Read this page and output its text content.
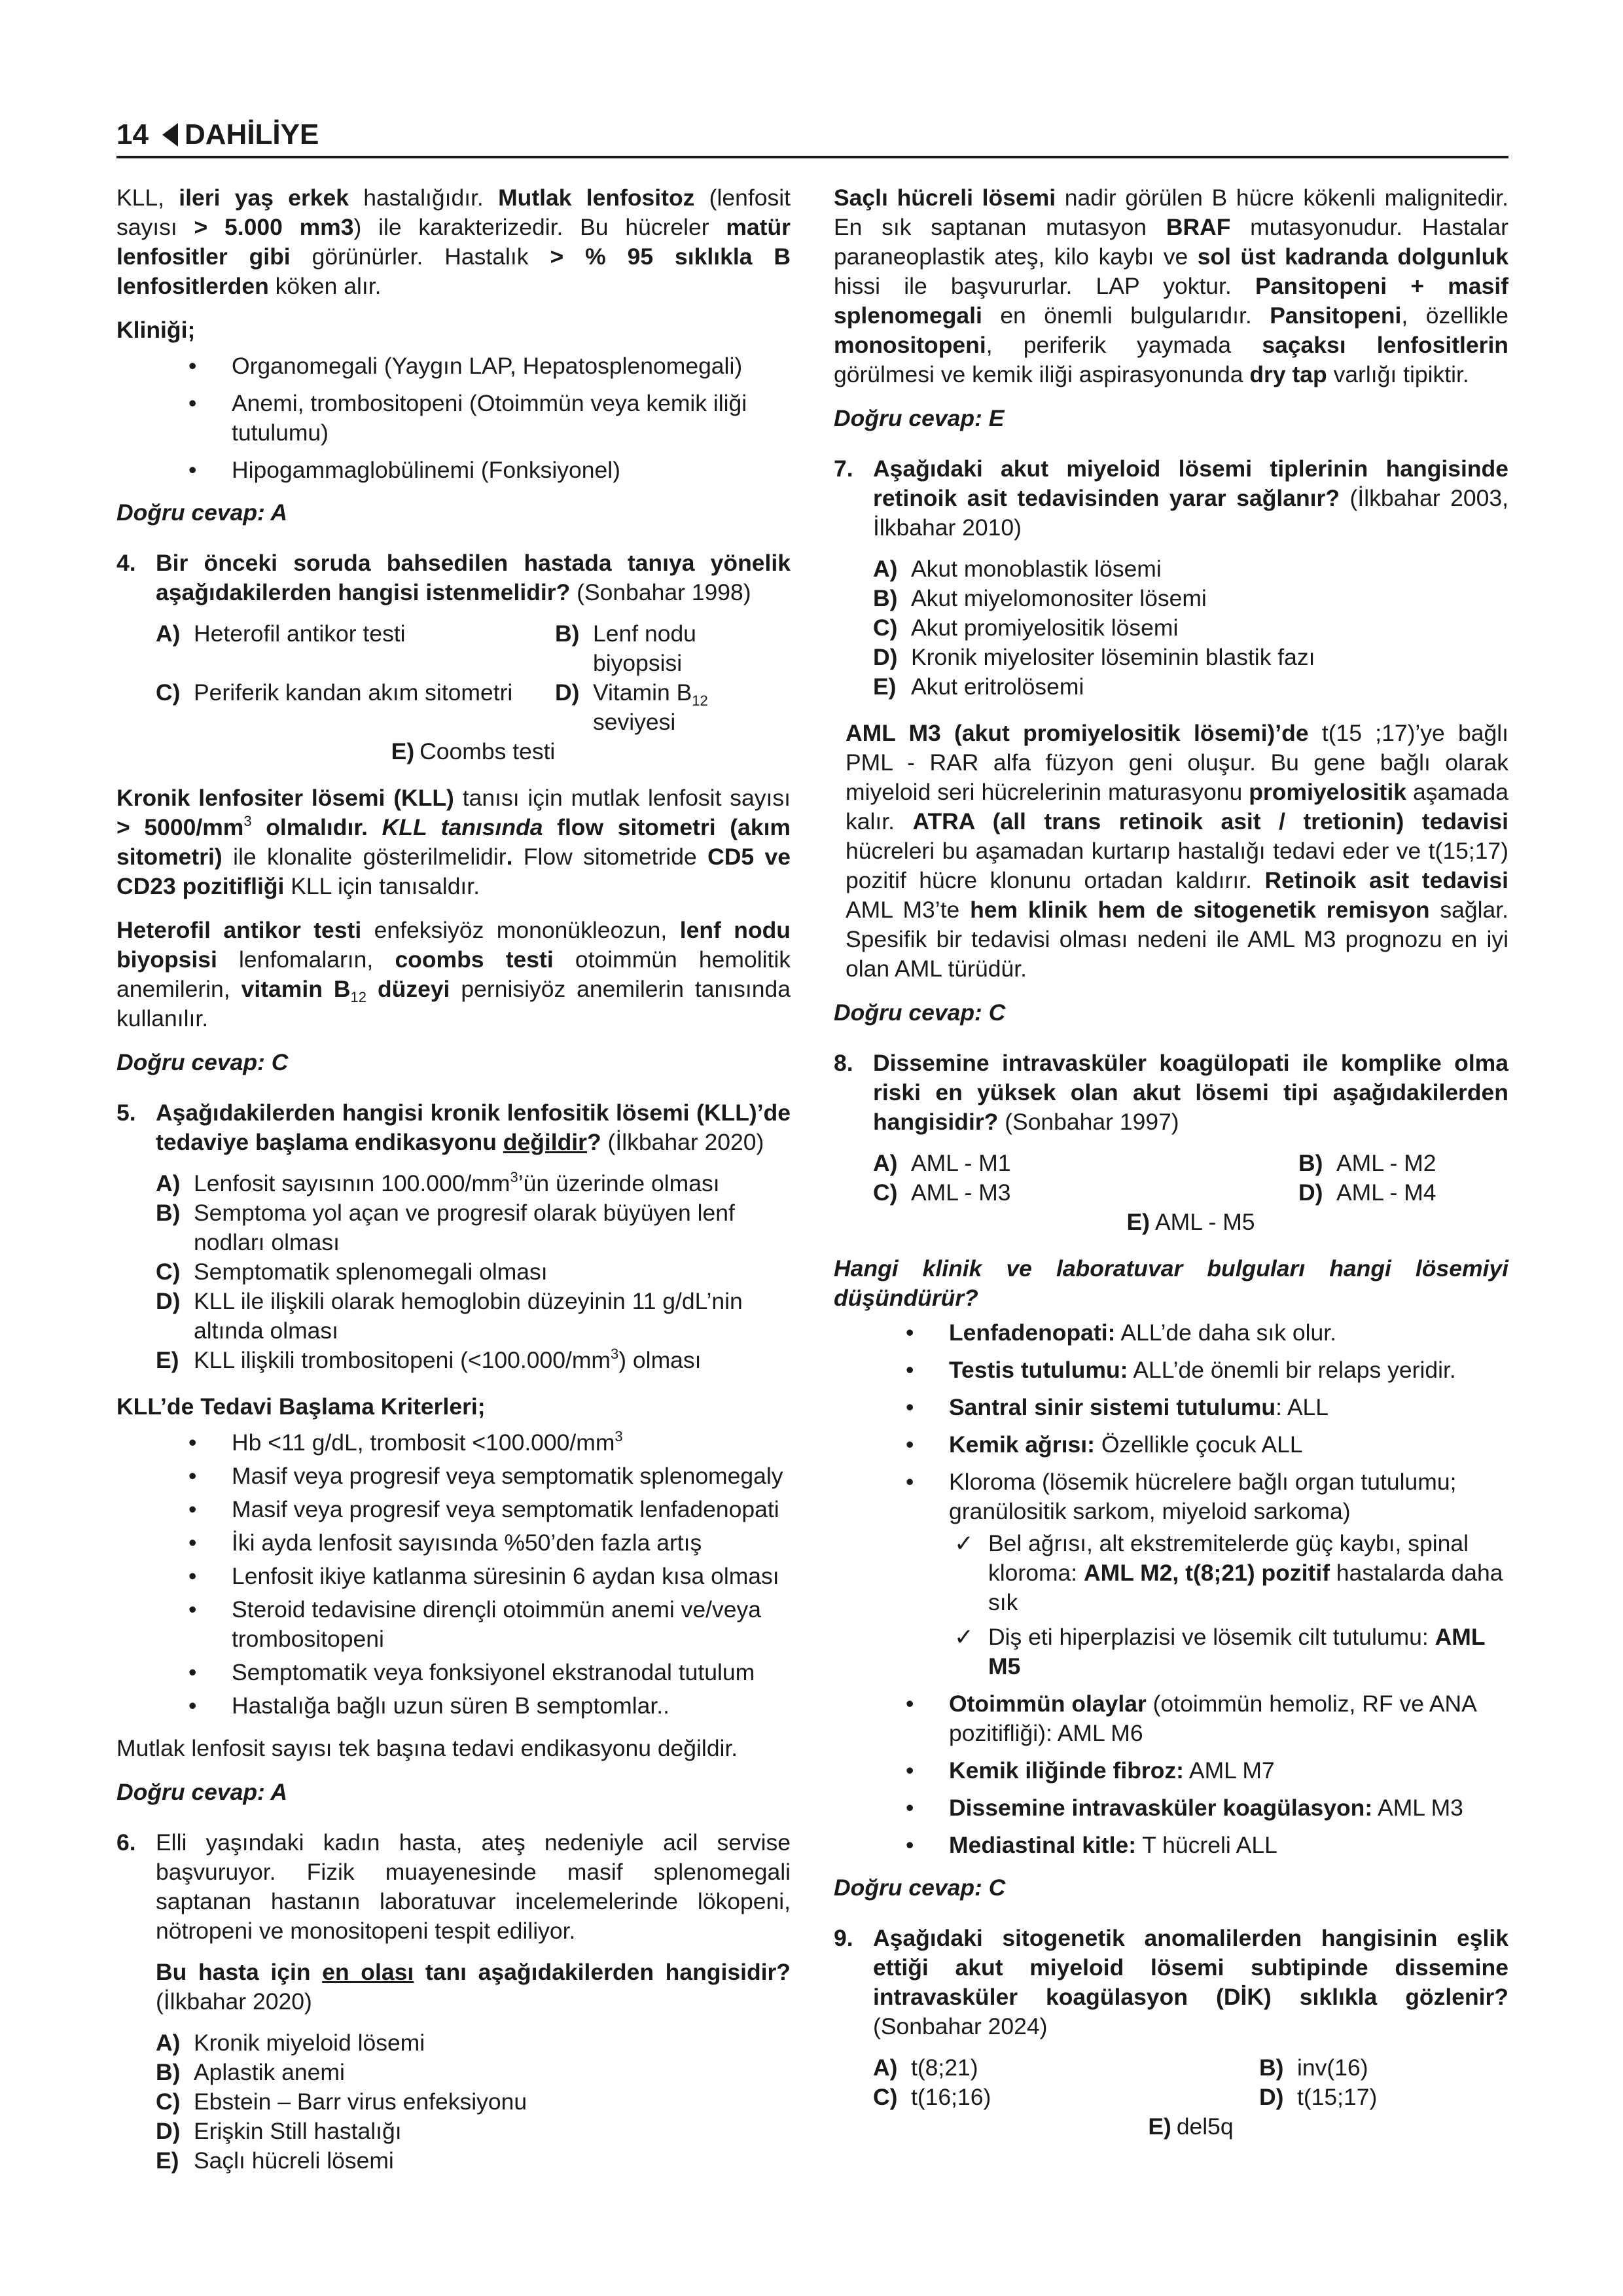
14 DAHİLİYE

KLL, ileri yaş erkek hastalığıdır. Mutlak lenfositoz (lenfosit sayısı > 5.000 mm3) ile karakterizedir. Bu hücreler matür lenfositler gibi görünürler. Hastalık > % 95 sıklıkla B lenfositlerden köken alır.

Kliniği;
• Organomegali (Yaygın LAP, Hepatosplenomegali)
• Anemi, trombositopeni (Otoimmün veya kemik iliği tutulumu)
• Hipogammaglobülinemi (Fonksiyonel)
Doğru cevap: A
4. Bir önceki soruda bahsedilen hastada tanıya yönelik aşağıdakilerden hangisi istenmelidir? (Sonbahar 1998)
A) Heterofil antikor testi	B) Lenf nodu biyopsisi
C) Periferik kandan akım sitometri	D) Vitamin $B_{12}$ seviyesi
E) Coombs testi

Kronik lenfositer lösemi (KLL) tanısı için mutlak lenfosit sayısı > $5000/mm^3$ olmalıdır. KLL tanısında flow sitometri (akım sitometri) ile klonalite gösterilmelidir. Flow sitometride CD5 ve CD23 pozitifliği KLL için tanısaldır.

Heterofil antikor testi enfeksiyöz mononükleozun, lenf nodu biyopsisi lenfomaların, coombs testi otoimmün hemolitik anemilerin, vitamin $B_{12}$ düzeyi pernisiyöz anemilerin tanısında kullanılır.

Doğru cevap: C
5. Aşağıdakilerden hangisi kronik lenfositik lösemi (KLL)’de tedaviye başlama endikasyonu değildir? (İlkbahar 2020)
A) Lenfosit sayısının $100.000/mm^3’ün$ üzerinde olması
B) Semptoma yol açan ve progresif olarak büyüyen lenf nodları olması
C) Semptomatik splenomegali olması
D) KLL ile ilişkili olarak hemoglobin düzeyinin 11 g/dL’nin altında olması
E) KLL ilişkili trombositopeni $(<100.000/mm^3)$ olması
KLL’de Tedavi Başlama Kriterleri;
• Hb <11 g/dL, trombosit $<100.000/mm^3$
• Masif veya progresif veya semptomatik splenomegaly
• Masif veya progresif veya semptomatik lenfadenopati
• İki ayda lenfosit sayısında %50’den fazla artış
• Lenfosit ikiye katlanma süresinin 6 aydan kısa olması
• Steroid tedavisine dirençli otoimmün anemi ve/veya trombositopeni
• Semptomatik veya fonksiyonel ekstranodal tutulum
• Hastalığa bağlı uzun süren B semptomlar..

Mutlak lenfosit sayısı tek başına tedavi endikasyonu değildir.

Doğru cevap: A
6. Elli yaşındaki kadın hasta, ateş nedeniyle acil servise başvuruyor. Fizik muayenesinde masif splenomegali saptanan hastanın laboratuvar incelemelerinde lökopeni, nötropeni ve monositopeni tespit ediliyor.
Bu hasta için en olası tanı aşağıdakilerden hangisidir? (İlkbahar 2020)
A) Kronik miyeloid lösemi
B) Aplastik anemi
C) Ebstein – Barr virus enfeksiyonu
D) Erişkin Still hastalığı
E) Saçlı hücreli lösemi

Saçlı hücreli lösemi nadir görülen B hücre kökenli malignitedir. En sık saptanan mutasyon BRAF mutasyonudur. Hastalar paraneoplastik ateş, kilo kaybı ve sol üst kadranda dolgunluk hissi ile başvururlar. LAP yoktur. Pansitopeni + masif splenomegali en önemli bulgularıdır. Pansitopeni, özellikle monositopeni, periferik yaymada saçaksı lenfositlerin görülmesi ve kemik iliği aspirasyonunda dry tap varlığı tipiktir.

Doğru cevap: E
7. Aşağıdaki akut miyeloid lösemi tiplerinin hangisinde retinoik asit tedavisinden yarar sağlanır? (İlkbahar 2003, İlkbahar 2010)
A) Akut monoblastik lösemi
B) Akut miyelomonositer lösemi
C) Akut promiyelositik lösemi
D) Kronik miyelositer löseminin blastik fazı
E) Akut eritrolösemi

AML M3 (akut promiyelositik lösemi)’de t(15 ;17)’ye bağlı PML - RAR alfa füzyon geni oluşur. Bu gene bağlı olarak miyeloid seri hücrelerinin maturasyonu promiyelositik aşamada kalır. ATRA (all trans retinoik asit / tretionin) tedavisi hücreleri bu aşamadan kurtarıp hastalığı tedavi eder ve t(15;17) pozitif hücre klonunu ortadan kaldırır. Retinoik asit tedavisi AML M3’te hem klinik hem de sitogenetik remisyon sağlar. Spesifik bir tedavisi olması nedeni ile AML M3 prognozu en iyi olan AML türüdür.

Doğru cevap: C
8. Dissemine intravasküler koagülopati ile komplike olma riski en yüksek olan akut lösemi tipi aşağıdakilerden hangisidir? (Sonbahar 1997)
A) AML - M1	B) AML - M2
C) AML - M3	D) AML - M4
E) AML - M5

Hangi klinik ve laboratuvar bulguları hangi lösemiyi düşündürür?

• Lenfadenopati: ALL’de daha sık olur.
• Testis tutulumu: ALL’de önemli bir relaps yeridir.
• Santral sinir sistemi tutulumu: ALL
• Kemik ağrısı: Özellikle çocuk ALL
• Kloroma (lösemik hücrelere bağlı organ tutulumu; granülositik sarkom, miyeloid sarkoma)
✓ Bel ağrısı, alt ekstremitelerde güç kaybı, spinal kloroma: AML M2, t(8;21) pozitif hastalarda daha sık
✓ Diş eti hiperplazisi ve lösemik cilt tutulumu: AML M5
• Otoimmün olaylar (otoimmün hemoliz, RF ve ANA pozitifliği): AML M6
• Kemik iliğinde fibroz: AML M7
• Dissemine intravasküler koagülasyon: AML M3
• Mediastinal kitle: T hücreli ALL
Doğru cevap: C
9. Aşağıdaki sitogenetik anomalilerden hangisinin eşlik ettiği akut miyeloid lösemi subtipinde dissemine intravasküler koagülasyon (DİK) sıklıkla gözlenir? (Sonbahar 2024)
A) t(8;21)	B) inv(16)
C) t(16;16)	D) t(15;17)
E) del5q
